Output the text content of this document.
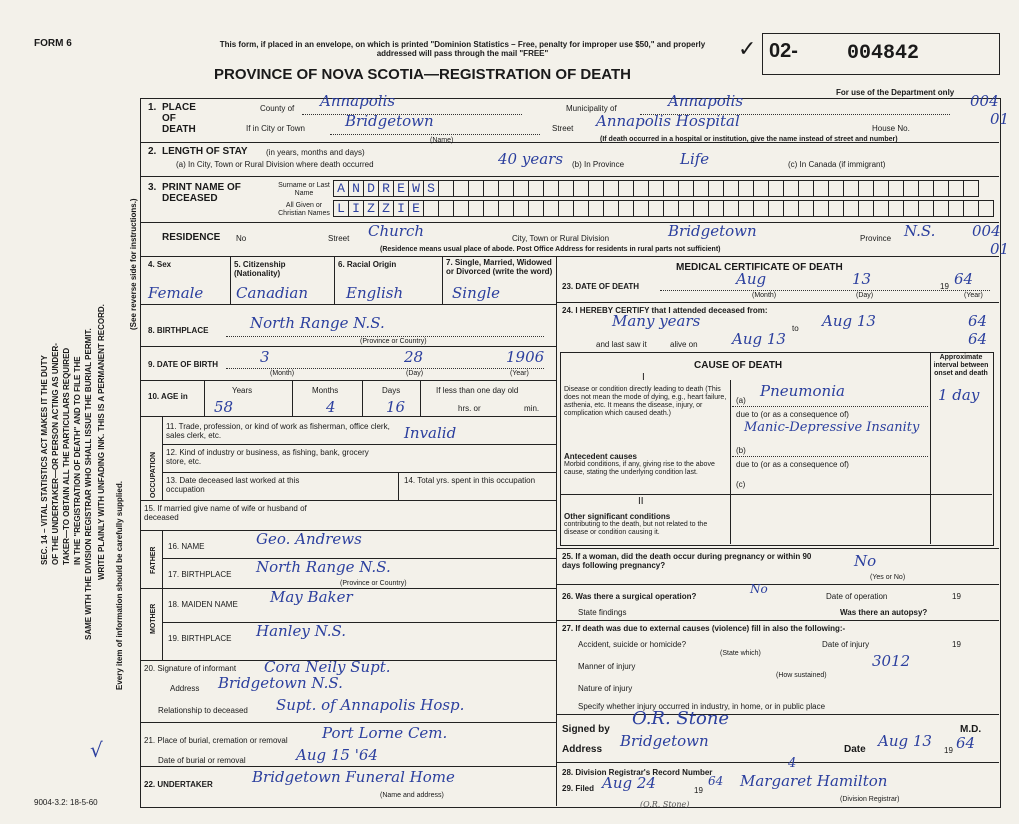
FORM 6	This form, if placed in an envelope, on which is printed "Dominion Statistics – Free, penalty for improper use $50," and properly addressed will pass through the mail "FREE"
PROVINCE OF NOVA SCOTIA—REGISTRATION OF DEATH
02- 004842
✓
For use of the Department only
SEC. 14 – VITAL STATISTICS ACT MAKES IT THE DUTY OF THE UNDERTAKER—OR PERSON ACTING AS UNDER- TAKER—TO OBTAIN ALL THE PARTICULARS REQUIRED IN THE "REGISTRATION OF DEATH" AND TO FILE THE SAME WITH THE DIVISION REGISTRAR WHO SHALL ISSUE THE BURIAL PERMIT. WRITE PLAINLY WITH UNFADING INK. THIS IS A PERMANENT RECORD.
Every item of information should be carefully supplied.
(See reverse side for instructions.)
√
1. PLACE OF DEATH
County of Annapolis	Municipality of	Annapolis
If in City or Town	Bridgetown
(Name)
Street Annapolis Hospital	House No.
(If death occurred in a hospital or institution, give the name instead of street and number)
004
01
2. LENGTH OF STAY (in years, months and days)
(a) In City, Town or Rural Division where death occurred	40 years (b) In Province	Life	(c) In Canada (if immigrant)
3. PRINT NAME OF DECEASED
Surname or Last Name
All Given or Christian Names
A N D R E W S
L I Z Z I E
RESIDENCE No	Street Church	City, Town or Rural Division	Bridgetown	Province N.S.
(Residence means usual place of abode. Post Office Address for residents in rural parts not sufficient)
004
01
4. Sex	5. Citizenship (Nationality)
6. Racial Origin	7. Single, Married, Widowed or Divorced (write the word)
Female Canadian	English	Single
8. BIRTHPLACE	North Range N.S.
(Province or Country)
9. DATE OF BIRTH	3	28	1906
(Month)	(Day)	(Year)
10. AGE in
Years	Months	Days	If less than one day old
58	4	16	hrs. or	min.
OCCUPATION
11. Trade, profession, or kind of work as fisherman, office clerk, sales clerk, etc.	Invalid
12. Kind of industry or business, as fishing, bank, grocery store, etc.
13. Date deceased last worked at this occupation
14. Total yrs. spent in this occupation
15. If married give name of wife or husband of deceased
FATHER
16. NAME	Geo. Andrews
17. BIRTHPLACE North Range N.S.
(Province or Country)
MOTHER 18. MAIDEN NAME May Baker
19. BIRTHPLACE Hanley N.S.
20. Signature of informant Cora Neily Supt.
Address Bridgetown N.S.
Relationship to deceased Supt. of Annapolis Hosp.
21. Place of burial, cremation or removal Port Lorne Cem.
Date of burial or removal	Aug 15 '64
22. UNDERTAKER	Bridgetown Funeral Home
(Name and address)
MEDICAL CERTIFICATE OF DEATH
23. DATE OF DEATH	Aug	13	19 64
(Month)	(Day)	(Year)
24. I HEREBY CERTIFY that I attended deceased from:
Many years	to Aug 13	64
and last saw it	alive on Aug 13	64
CAUSE OF DEATH
Approximate interval between onset and death
I
Disease or condition directly leading to death (This does not mean the mode of dying, e.g., heart failure, asthenia, etc. It means the disease, injury, or complication which caused death.)
(a)
Pneumonia	1 day
due to (or as a consequence of)
Manic-Depressive Insanity
Antecedent causes
Morbid conditions, if any, giving rise to the above cause, stating the underlying condition last.
(b)
due to (or as a consequence of)
(c)
II
Other significant conditions
contributing to the death, but not related to the disease or condition causing it.
25. If a woman, did the death occur during pregnancy or within 90 days following pregnancy?	No
(Yes or No)
26. Was there a surgical operation?
No
Date of operation	19
State findings	Was there an autopsy?
27. If death was due to external causes (violence) fill in also the following:-
Accident, suicide or homicide?
(State which)
Date of injury	19
Manner of injury	3012
(How sustained)
Nature of injury
Specify whether injury occurred in industry, in home, or in public place
Signed by
O.R. Stone
M.D.
Address Bridgetown	Date Aug 13
19 64
28. Division Registrar's Record Number
4
29. Filed Aug 24	19
64 Margaret Hamilton
(Division Registrar)
(O.R. Stone)
9004-3.2: 18-5-60
